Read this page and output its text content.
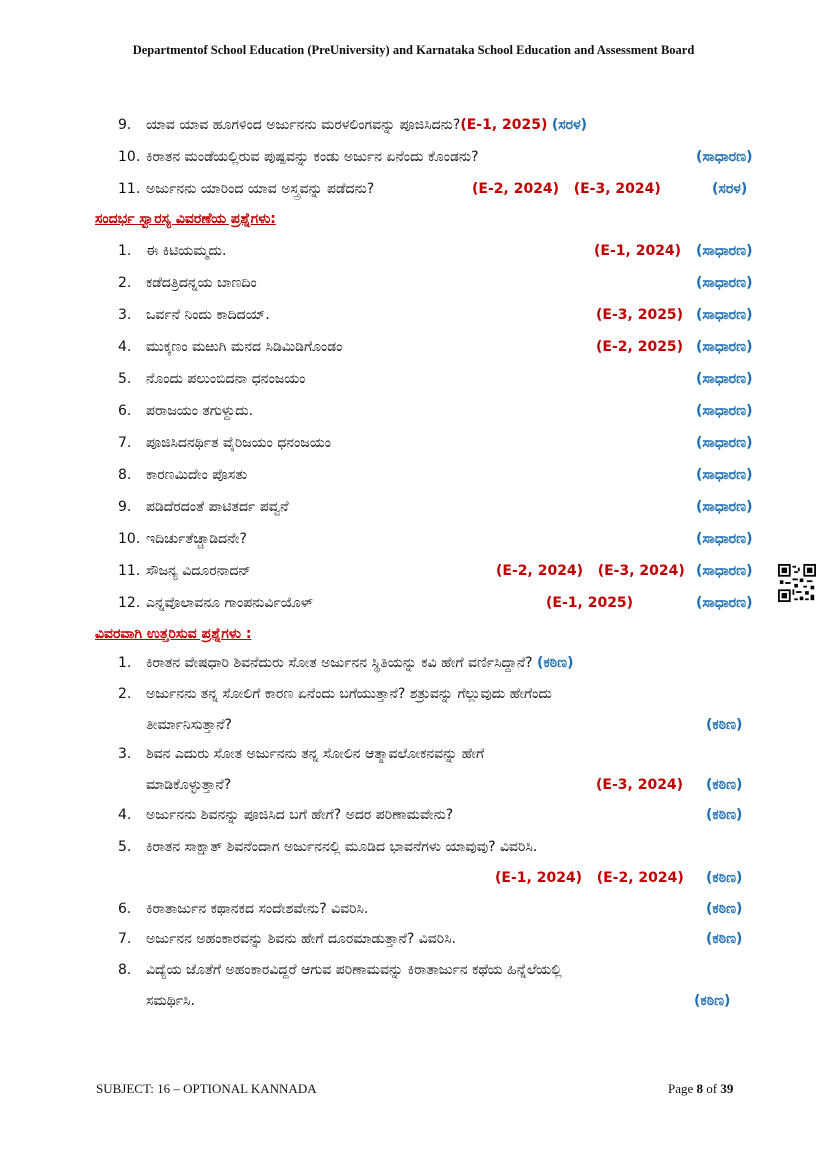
Departmentof School Education (PreUniversity) and Karnataka School Education and Assessment Board
9. ಯಾವ ಯಾವ ಹೂಗಳಿಂದ ಅರ್ಜುನನು ಮರಳಲಿಂಗವನ್ನು ಪೂಜಿಸಿದನು?(E-1, 2025) (ಸರಳ)
10. ಕಿರಾತನ ಮಂಡೆಯಲ್ಲಿರುವ ಪುಷ್ಪವನ್ನು ಕಂಡು ಅರ್ಜುನ ಏನೆಂದು ಕೊಂಡನು?	(ಸಾಧಾರಣ)
11. ಅರ್ಜುನನು ಯಾರಿಂದ ಯಾವ ಅಸ್ತ್ರವನ್ನು ಪಡೆದನು?	(E-2, 2024)   (E-3, 2024)	(ಸರಳ)
ಸಂದರ್ಭ ಸ್ವಾರಸ್ಯ ವಿವರಣೆಯ ಪ್ರಶ್ನೆಗಳು:
1. ಈ ಕಿಟಿಯಮ್ಮದು.	(E-1, 2024) (ಸಾಧಾರಣ)
2. ಕಡೆದತ್ರಿದನ್ನಯ ಬಾಣದಿಂ	(ಸಾಧಾರಣ)
3. ಒರ್ವನೆ ನಿಂದು ಕಾದಿದಯ್.	(E-3, 2025) (ಸಾಧಾರಣ)
4. ಮುಕ್ಕಣಂ ಮಱುಗಿ ಮನದ ಸಿಡಿಮಿಡಿಗೊಂಡಂ	(E-2, 2025) (ಸಾಧಾರಣ)
5. ನೊಂದು ಪಲುಂಬಿದನಾ ಧನಂಜಯಂ	(ಸಾಧಾರಣ)
6. ಪರಾಜಯಂ ತಗುಳ್ದುದು.	(ಸಾಧಾರಣ)
7. ಪೂಜಿಸಿದನರ್ಥಿತ ವೈರಿಜಯಂ ಧನಂಜಯಂ	(ಸಾಧಾರಣ)
8. ಕಾರಣಮಿದೇಂ ಪೊಸತು	(ಸಾಧಾರಣ)
9. ಪಡಿದೆರದಂತೆ ಪಾಟಿತರ್ದ ಪವ್ವನೆ	(ಸಾಧಾರಣ)
10. ಇದಿರ್ಚುತೆಚ್ಚಾಡಿದನೇ?	(ಸಾಧಾರಣ)
11. ಸೌಜನ್ಯ ವಿದೂರನಾದನ್	(E-2, 2024)   (E-3, 2024) (ಸಾಧಾರಣ)
12. ಎನ್ನವೊಲಾವನೂ ಗಾಂಪನುರ್ವಿಯೊಳ್	(E-1, 2025)	(ಸಾಧಾರಣ)
ವಿವರವಾಗಿ ಉತ್ತರಿಸುವ ಪ್ರಶ್ನೆಗಳು :
1. ಕಿರಾತನ ವೇಷಧಾರಿ ಶಿವನೆದುರು ಸೋತ ಅರ್ಜುನನ ಸ್ಥಿತಿಯನ್ನು ಕವಿ ಹೇಗೆ ವರ್ಣಿಸಿದ್ದಾನೆ? (ಕಠಿಣ)
2. ಅರ್ಜುನನು ತನ್ನ ಸೋಲಿಗೆ ಕಾರಣ ಏನೆಂದು ಬಗೆಯುತ್ತಾನೆ? ಶತ್ರುವನ್ನು ಗೆಲ್ಲುವುದು ಹೇಗೆಂದು
ತೀರ್ಮಾನಿಸುತ್ತಾನೆ?	(ಕಠಿಣ)
3. ಶಿವನ ಎದುರು ಸೋತ ಅರ್ಜುನನು ತನ್ನ ಸೋಲಿನ ಆತ್ಮಾವಲೋಕನವನ್ನು ಹೇಗೆ
ಮಾಡಿಕೊಳ್ಳುತ್ತಾನೆ?	(E-3, 2024) (ಕಠಿಣ)
4. ಅರ್ಜುನನು ಶಿವನನ್ನು ಪೂಜಿಸಿದ ಬಗೆ ಹೇಗೆ? ಅದರ ಪರಿಣಾಮವೇನು?	(ಕಠಿಣ)
5. ಕಿರಾತನ ಸಾಕ್ಷಾತ್ ಶಿವನೆಂದಾಗ ಅರ್ಜುನನಲ್ಲಿ ಮೂಡಿದ ಭಾವನೆಗಳು ಯಾವುವು? ವಿವರಿಸಿ.
(E-1, 2024)   (E-2, 2024) (ಕಠಿಣ)
6. ಕಿರಾತಾರ್ಜುನ ಕಥಾನಕದ ಸಂದೇಶವೇನು? ವಿವರಿಸಿ.	(ಕಠಿಣ)
7. ಅರ್ಜುನನ ಅಹಂಕಾರವನ್ನು ಶಿವನು ಹೇಗೆ ದೂರಮಾಡುತ್ತಾನೆ? ವಿವರಿಸಿ.	(ಕಠಿಣ)
8. ವಿದ್ಯೆಯ ಜೊತೆಗೆ ಅಹಂಕಾರವಿದ್ದರೆ ಆಗುವ ಪರಿಣಾಮವನ್ನು ಕಿರಾತಾರ್ಜುನ ಕಥೆಯ ಹಿನ್ನೆಲೆಯಲ್ಲಿ
ಸಮರ್ಥಿಸಿ.	(ಕಠಿಣ)
SUBJECT: 16 – OPTIONAL KANNADA	Page 8 of 39
